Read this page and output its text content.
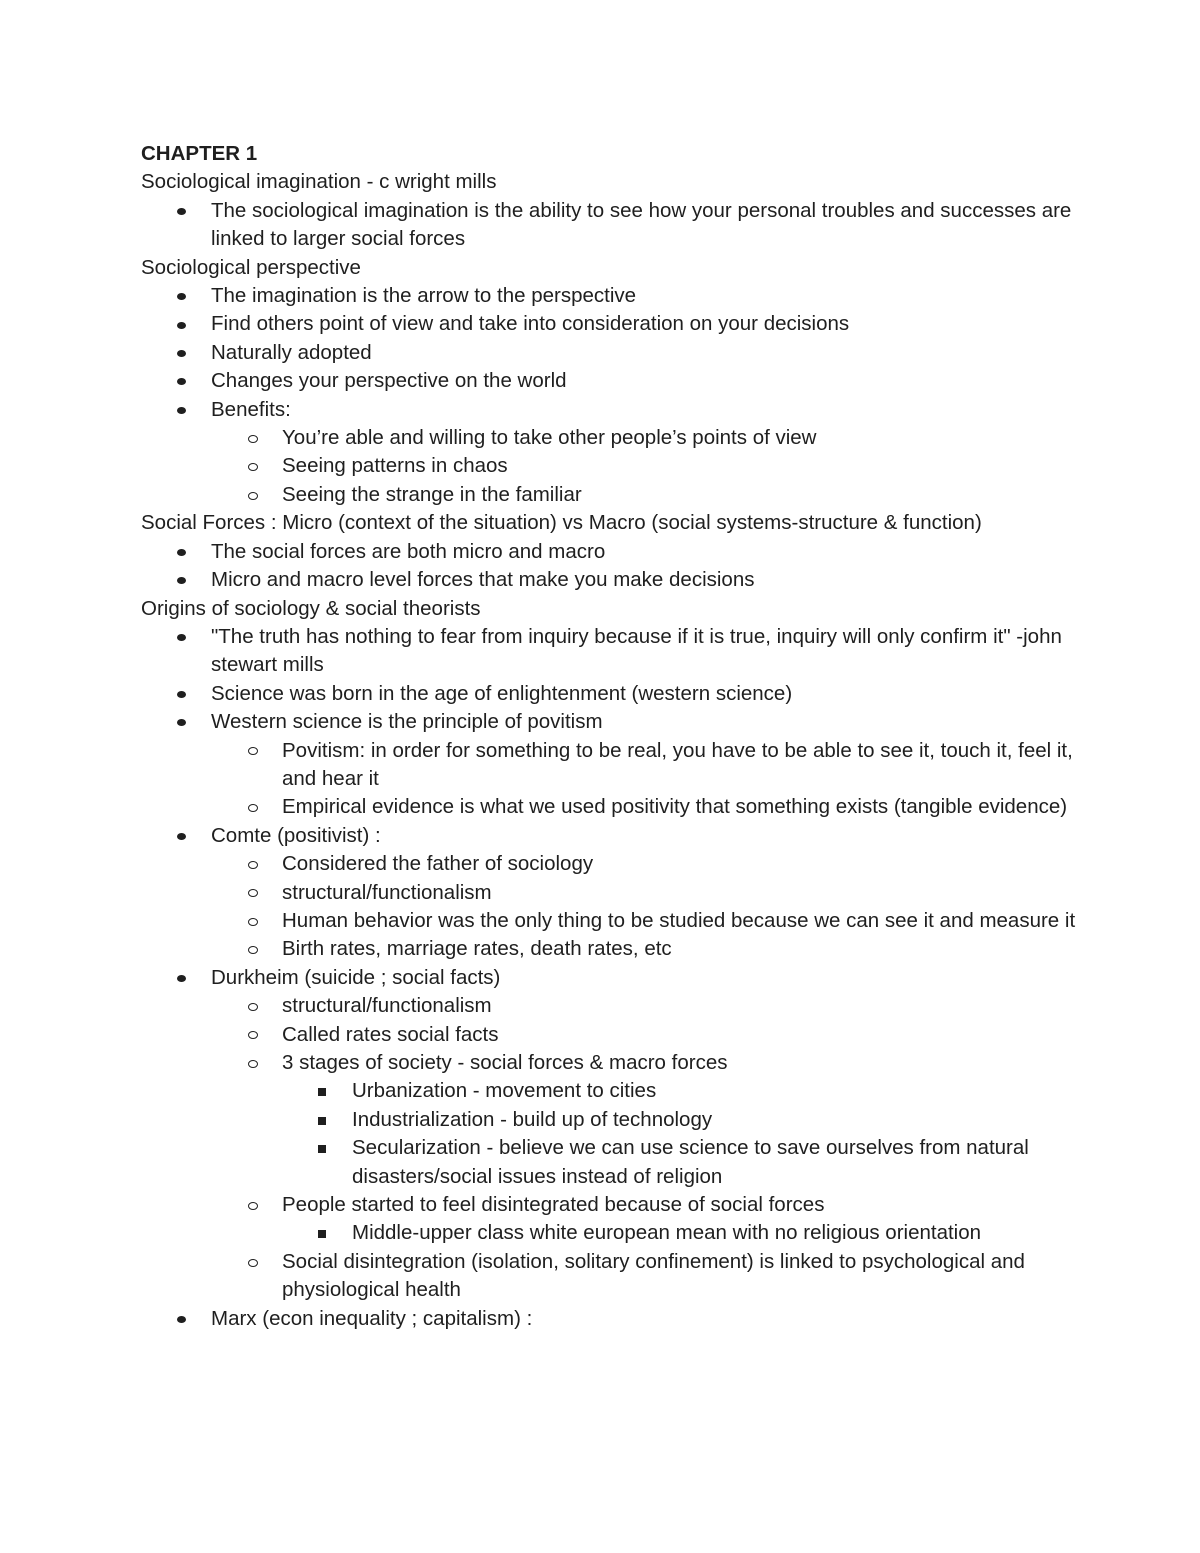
CHAPTER 1
Sociological imagination - c wright mills
The sociological imagination is the ability to see how your personal troubles and successes are linked to larger social forces
Sociological perspective
The imagination is the arrow to the perspective
Find others point of view and take into consideration on your decisions
Naturally adopted
Changes your perspective on the world
Benefits:
You’re able and willing to take other people’s points of view
Seeing patterns in chaos
Seeing the strange in the familiar
Social Forces : Micro (context of the situation) vs Macro (social systems-structure & function)
The social forces are both micro and macro
Micro and macro level forces that make you make decisions
Origins of sociology & social theorists
"The truth has nothing to fear from inquiry because if it is true, inquiry will only confirm it" -john stewart mills
Science was born in the age of enlightenment (western science)
Western science is the principle of povitism
Povitism: in order for something to be real, you have to be able to see it, touch it, feel it, and hear it
Empirical evidence is what we used positivity that something exists (tangible evidence)
Comte (positivist) :
Considered the father of sociology
structural/functionalism
Human behavior was the only thing to be studied because we can see it and measure it
Birth rates, marriage rates, death rates, etc
Durkheim (suicide ; social facts)
structural/functionalism
Called rates social facts
3 stages of society - social forces & macro forces
Urbanization - movement to cities
Industrialization - build up of technology
Secularization - believe we can use science to save ourselves from natural disasters/social issues instead of religion
People started to feel disintegrated because of social forces
Middle-upper class white european mean with no religious orientation
Social disintegration (isolation, solitary confinement) is linked to psychological and physiological health
Marx (econ inequality ; capitalism) :
